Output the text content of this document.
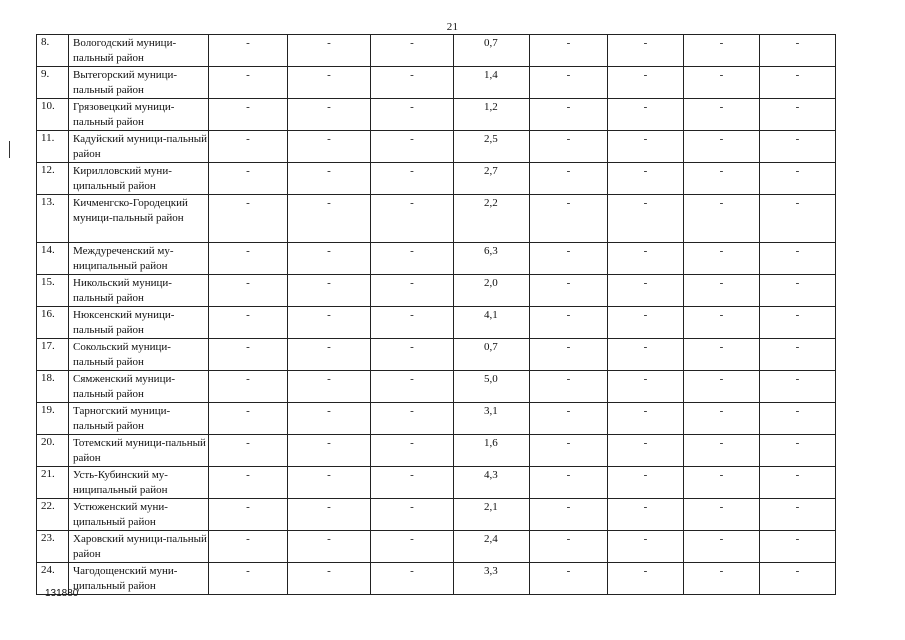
21
8.	Вологодский муници-пальный район	-	-	-	0,7	-	-	-	-
9.	Вытегорский муници-пальный район	-	-	-	1,4	-	-	-	-
10.	Грязовецкий муници-пальный район	-	-	-	1,2	-	-	-	-
11.	Кадуйский муници-пальный район	-	-	-	2,5	-	-	-	-
12.	Кирилловский муни-ципальный район	-	-	-	2,7	-	-	-	-
13.	Кичменгско-Городецкий муници-пальный район	-	-	-	2,2	-	-	-	-
14.	Междуреченский му-ниципальный район	-	-	-	6,3	-	-	-	-
15.	Никольский муници-пальный район	-	-	-	2,0	-	-	-	-
16.	Нюксенский муници-пальный район	-	-	-	4,1	-	-	-	-
17.	Сокольский муници-пальный район	-	-	-	0,7	-	-	-	-
18.	Сямженский муници-пальный район	-	-	-	5,0	-	-	-	-
19.	Тарногский муници-пальный район	-	-	-	3,1	-	-	-	-
20.	Тотемский муници-пальный район	-	-	-	1,6	-	-	-	-
21.	Усть-Кубинский му-ниципальный район	-	-	-	4,3	-	-	-	-
22.	Устюженский муни-ципальный район	-	-	-	2,1	-	-	-	-
23.	Харовский муници-пальный район	-	-	-	2,4	-	-	-	-
24.	Чагодощенский муни-ципальный район	-	-	-	3,3	-	-	-	-
131880
